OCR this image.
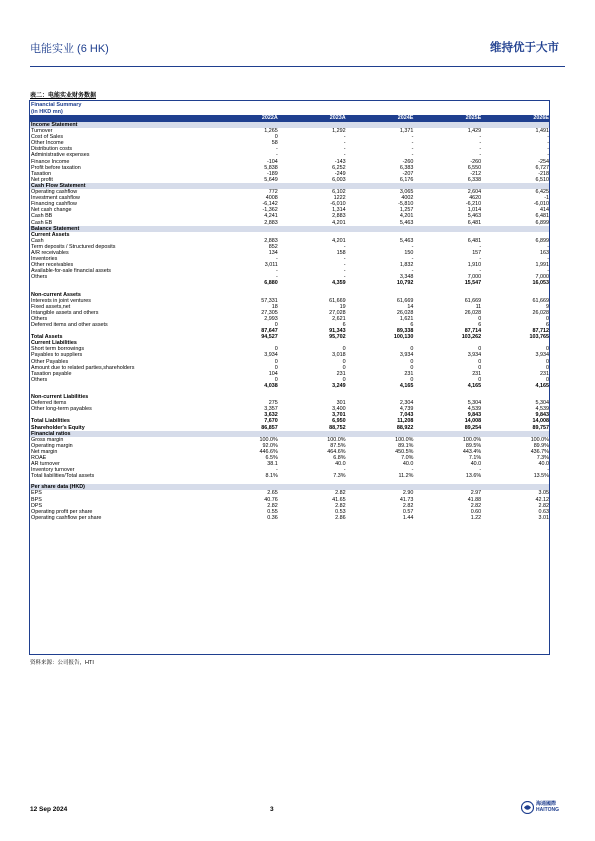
电能实业 (6 HK)	维持优于大市
表二：电能实业财务数据
Financial Summary
(in HKD mn)
	2022A	2023A	2024E	2025E	2026E
Income Statement					
Turnover	1,265	1,292	1,371	1,429	1,491
Cost of Sales	0	-	-	-	-
Other Income	58	-	-	-	-
Distribution costs	-	-	-	-	-
Administrative expenses	-	-	-	-	-
Finance Income	-104	-143	-260	-260	-254
Profit before taxation	5,838	6,252	6,383	6,550	6,727
Taxation	-189	-249	-207	-212	-218
Net profit	5,649	6,003	6,176	6,338	6,510
Cash Flow Statement					
Operating cashflow	772	6,102	3,065	2,604	6,425
Investment cashflow	4008	1222	4002	4620	-1
Financing cashflow	-6,142	-6,010	-5,810	-6,210	-6,010
Net cash change	-1,362	1,314	1,257	1,014	414
Cash BB	4,241	2,883	4,201	5,463	6,481
Cash EB	2,883	4,201	5,463	6,481	6,899
Balance Statement					
Current Assets					
Cash	2,883	4,201	5,463	6,481	6,899
Term deposits / Structured deposits	852	-	-	-	-
A/R receivables	134	158	150	157	163
Inventories	-	-	-	-	-
Other receivables	3,011	-	1,832	1,910	1,991
Available-for-sale financial assets	-	-	-	-	-
Others	-	-	3,348	7,000	7,000
	6,880	4,359	10,792	15,547	16,053

Non-current Assets					
Interests in joint ventures	57,331	61,669	61,669	61,669	61,669
Fixed assets,net	18	19	14	11	9
Intangible assets and others	27,305	27,028	26,028	26,028	26,028
Others	2,993	2,621	1,621	0	0
Deferred items and other assets	0	6	6	6	6
	87,647	91,343	89,338	87,714	87,712
Total Assets	94,527	95,702	100,130	103,262	103,765
Current Liabilities					
Short term borrowings	0	0	0	0	0
Payables to suppliers	3,934	3,018	3,934	3,934	3,934
Other Payables	0	0	0	0	0
Amount due to related parties,shareholders	0	0	0	0	0
Taxation payable	104	231	231	231	231
Others	0	0	0	0	0
	4,038	3,249	4,165	4,165	4,165

Non-current Liabilities					
Deferred items	275	301	2,304	5,304	5,304
Other long-term payables	3,357	3,400	4,739	4,539	4,539
	3,632	3,701	7,043	9,843	9,843
Total Liabilities	7,670	6,950	11,208	14,008	14,008
Shareholder's Equity	86,857	88,752	88,922	89,254	89,757
Financial ratios					
Gross margin	100.0%	100.0%	100.0%	100.0%	100.0%
Operating margin	92.0%	87.5%	89.1%	89.5%	89.9%
Net margin	446.6%	464.6%	450.5%	443.4%	436.7%
ROAE	6.5%	6.8%	7.0%	7.1%	7.3%
AR turnover	38.1	40.0	40.0	40.0	40.0
Inventory turnover	-	-	-	-	-
Total liabilities/Total assets	8.1%	7.3%	11.2%	13.6%	13.5%

Per share data (HKD)					
EPS	2.65	2.82	2.90	2.97	3.05
BPS	40.76	41.65	41.73	41.88	42.12
DPS	2.82	2.82	2.82	2.82	2.82
Operating profit per share	0.55	0.53	0.57	0.60	0.63
Operating cashflow per share	0.36	2.86	1.44	1.22	3.01
资料来源：公司报告，HTI
12 Sep 2024	3
海通國際
HAITONG
